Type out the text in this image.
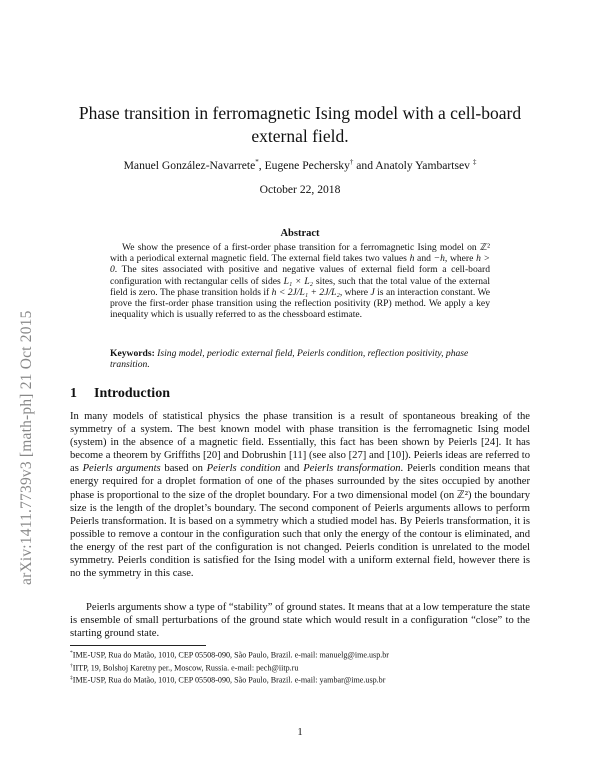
arXiv:1411.7739v3 [math-ph] 21 Oct 2015
Phase transition in ferromagnetic Ising model with a cell-board
external field.
Manuel González-Navarrete*, Eugene Pechersky† and Anatoly Yambartsev ‡
October 22, 2018
Abstract
We show the presence of a first-order phase transition for a ferromagnetic Ising model on ℤ² with a periodical external magnetic field. The external field takes two values h and −h, where h > 0. The sites associated with positive and negative values of external field form a cell-board configuration with rectangular cells of sides L₁ × L₂ sites, such that the total value of the external field is zero. The phase transition holds if h < 2J/L₁ + 2J/L₂, where J is an interaction constant. We prove the first-order phase transition using the reflection positivity (RP) method. We apply a key inequality which is usually referred to as the chessboard estimate.
Keywords: Ising model, periodic external field, Peierls condition, reflection positivity, phase transition.
1 Introduction
In many models of statistical physics the phase transition is a result of spontaneous breaking of the symmetry of a system. The best known model with phase transition is the ferromagnetic Ising model (system) in the absence of a magnetic field. Essentially, this fact has been shown by Peierls [24]. It has become a theorem by Griffiths [20] and Dobrushin [11] (see also [27] and [10]). Peierls ideas are referred to as Peierls arguments based on Peierls condition and Peierls transformation. Peierls condition means that energy required for a droplet formation of one of the phases surrounded by the sites occupied by another phase is proportional to the size of the droplet boundary. For a two dimensional model (on ℤ²) the boundary size is the length of the droplet’s boundary. The second component of Peierls arguments allows to perform Peierls transformation. It is based on a symmetry which a studied model has. By Peierls transformation, it is possible to remove a contour in the configuration such that only the energy of the contour is eliminated, and the energy of the rest part of the configuration is not changed. Peierls condition is unrelated to the model symmetry. Peierls condition is satisfied for the Ising model with a uniform external field, however there is no the symmetry in this case.
Peierls arguments show a type of “stability” of ground states. It means that at a low temperature the state is ensemble of small perturbations of the ground state which would result in a configuration “close” to the starting ground state.
*IME-USP, Rua do Matão, 1010, CEP 05508-090, São Paulo, Brazil. e-mail: manuelg@ime.usp.br
†IITP, 19, Bolshoj Karetny per., Moscow, Russia. e-mail: pech@iitp.ru
‡IME-USP, Rua do Matão, 1010, CEP 05508-090, São Paulo, Brazil. e-mail: yambar@ime.usp.br
1
